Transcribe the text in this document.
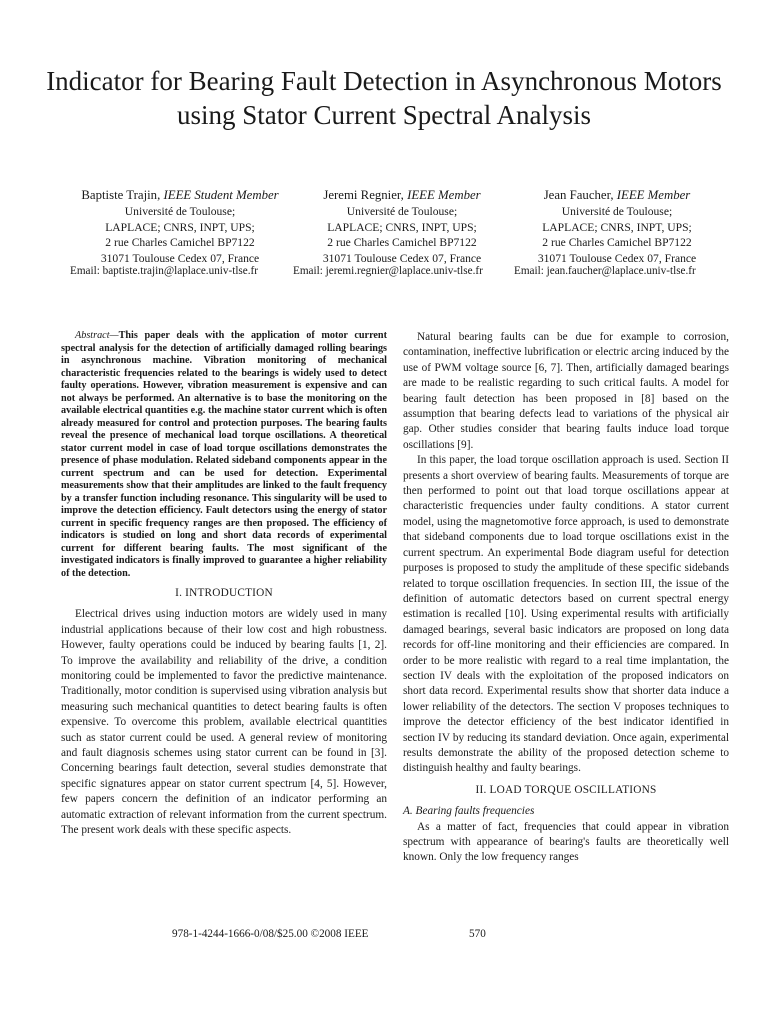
Indicator for Bearing Fault Detection in Asynchronous Motors using Stator Current Spectral Analysis
Baptiste Trajin, IEEE Student Member
Université de Toulouse;
LAPLACE; CNRS, INPT, UPS;
2 rue Charles Camichel BP7122
31071 Toulouse Cedex 07, France
Jeremi Regnier, IEEE Member
Université de Toulouse;
LAPLACE; CNRS, INPT, UPS;
2 rue Charles Camichel BP7122
31071 Toulouse Cedex 07, France
Jean Faucher, IEEE Member
Université de Toulouse;
LAPLACE; CNRS, INPT, UPS;
2 rue Charles Camichel BP7122
31071 Toulouse Cedex 07, France
Email: baptiste.trajin@laplace.univ-tlse.fr	Email: jeremi.regnier@laplace.univ-tlse.fr	Email: jean.faucher@laplace.univ-tlse.fr

Abstract—This paper deals with the application of motor current spectral analysis for the detection of artificially damaged rolling bearings in asynchronous machine. Vibration monitoring of mechanical characteristic frequencies related to the bearings is widely used to detect faulty operations. However, vibration measurement is expensive and can not always be performed. An alternative is to base the monitoring on the available electrical quantities e.g. the machine stator current which is often already measured for control and protection purposes. The bearing faults reveal the presence of mechanical load torque oscillations. A theoretical stator current model in case of load torque oscillations demonstrates the presence of phase modulation. Related sideband components appear in the current spectrum and can be used for detection. Experimental measurements show that their amplitudes are linked to the fault frequency by a transfer function including resonance. This singularity will be used to improve the detection efficiency. Fault detectors using the energy of stator current in specific frequency ranges are then proposed. The efficiency of indicators is studied on long and short data records of experimental current for different bearing faults. The most significant of the investigated indicators is finally improved to guarantee a higher reliability of the detection.

I. INTRODUCTION

Electrical drives using induction motors are widely used in many industrial applications because of their low cost and high robustness. However, faulty operations could be induced by bearing faults [1, 2]. To improve the availability and reliability of the drive, a condition monitoring could be implemented to favor the predictive maintenance. Traditionally, motor condition is supervised using vibration analysis but measuring such mechanical quantities to detect bearing faults is often expensive. To overcome this problem, available electrical quantities such as stator current could be used. A general review of monitoring and fault diagnosis schemes using stator current can be found in [3]. Concerning bearings fault detection, several studies demonstrate that specific signatures appear on stator current spectrum [4, 5]. However, few papers concern the definition of an indicator performing an automatic extraction of relevant information from the current spectrum. The present work deals with these specific aspects.

Natural bearing faults can be due for example to corrosion, contamination, ineffective lubrification or electric arcing induced by the use of PWM voltage source [6, 7]. Then, artificially damaged bearings are made to be realistic regarding to such critical faults. A model for bearing fault detection has been proposed in [8] based on the assumption that bearing defects lead to variations of the physical air gap. Other studies consider that bearing faults induce load torque oscillations [9].

In this paper, the load torque oscillation approach is used. Section II presents a short overview of bearing faults. Measurements of torque are then performed to point out that load torque oscillations appear at characteristic frequencies under faulty conditions. A stator current model, using the magnetomotive force approach, is used to demonstrate that sideband components due to load torque oscillations exist in the current spectrum. An experimental Bode diagram useful for detection purposes is proposed to study the amplitude of these specific sidebands related to torque oscillation frequencies. In section III, the issue of the definition of automatic detectors based on current spectral energy estimation is recalled [10]. Using experimental results with artificially damaged bearings, several basic indicators are proposed on long data records for off-line monitoring and their efficiencies are compared. In order to be more realistic with regard to a real time implantation, the section IV deals with the exploitation of the proposed indicators on short data record. Experimental results show that shorter data induce a lower reliability of the detectors. The section V proposes techniques to improve the detector efficiency of the best indicator identified in section IV by reducing its standard deviation. Once again, experimental results demonstrate the ability of the proposed detection scheme to distinguish healthy and faulty bearings.

II. LOAD TORQUE OSCILLATIONS

A. Bearing faults frequencies

As a matter of fact, frequencies that could appear in vibration spectrum with appearance of bearing's faults are theoretically well known. Only the low frequency ranges

978-1-4244-1666-0/08/$25.00 ©2008 IEEE	570
